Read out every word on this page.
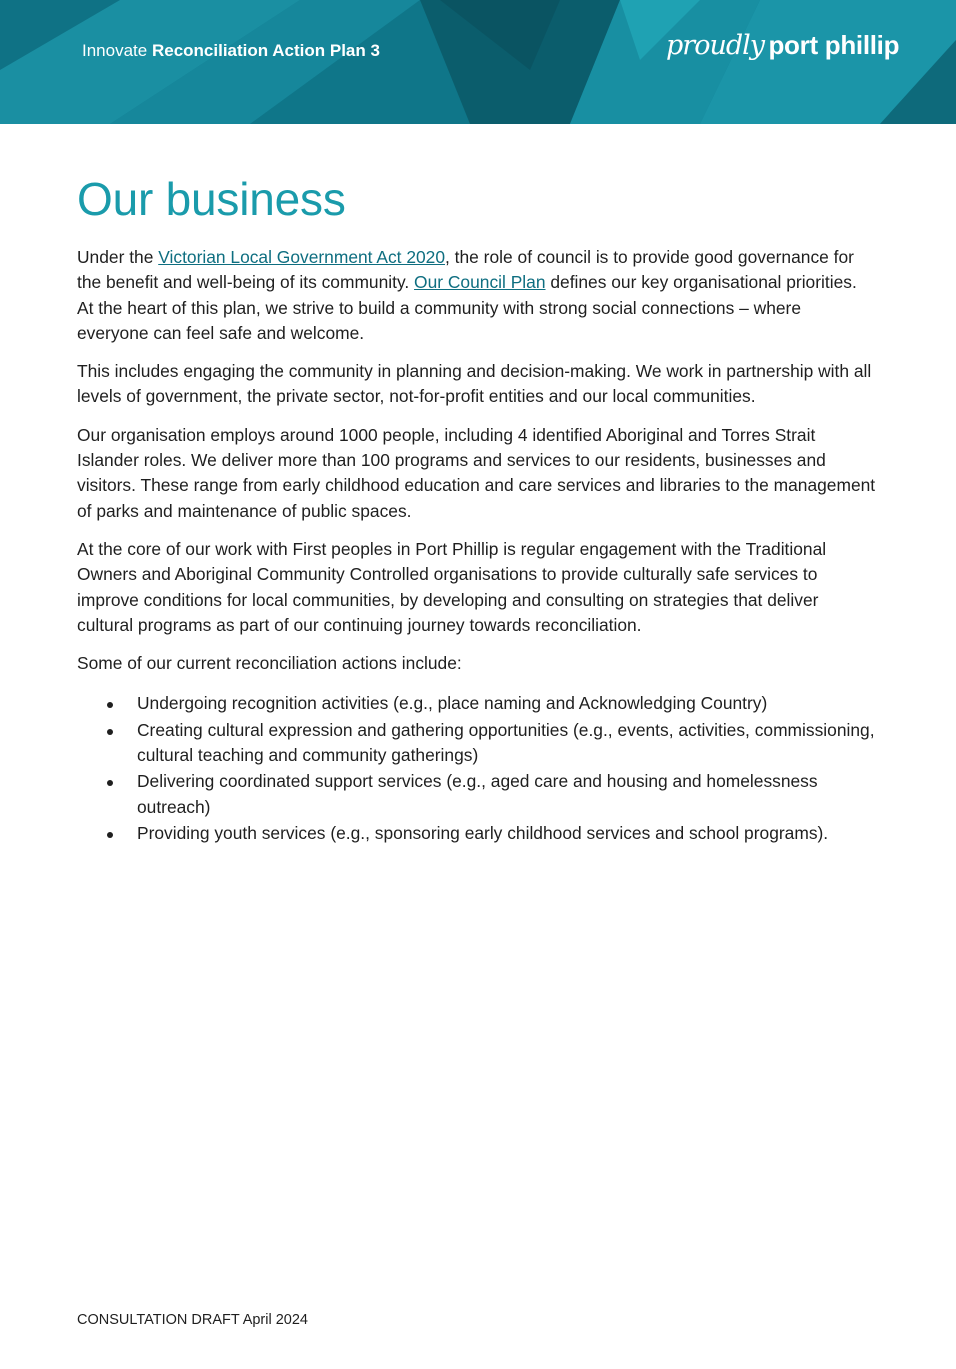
Innovate Reconciliation Action Plan 3	proudly port phillip
Our business

Under the Victorian Local Government Act 2020, the role of council is to provide good governance for the benefit and well-being of its community. Our Council Plan defines our key organisational priorities. At the heart of this plan, we strive to build a community with strong social connections – where everyone can feel safe and welcome.

This includes engaging the community in planning and decision-making. We work in partnership with all levels of government, the private sector, not-for-profit entities and our local communities.

Our organisation employs around 1000 people, including 4 identified Aboriginal and Torres Strait Islander roles. We deliver more than 100 programs and services to our residents, businesses and visitors. These range from early childhood education and care services and libraries to the management of parks and maintenance of public spaces.

At the core of our work with First peoples in Port Phillip is regular engagement with the Traditional Owners and Aboriginal Community Controlled organisations to provide culturally safe services to improve conditions for local communities, by developing and consulting on strategies that deliver cultural programs as part of our continuing journey towards reconciliation.

Some of our current reconciliation actions include:

Undergoing recognition activities (e.g., place naming and Acknowledging Country)
Creating cultural expression and gathering opportunities (e.g., events, activities, commissioning, cultural teaching and community gatherings)
Delivering coordinated support services (e.g., aged care and housing and homelessness outreach)
Providing youth services (e.g., sponsoring early childhood services and school programs).
CONSULTATION DRAFT April 2024
